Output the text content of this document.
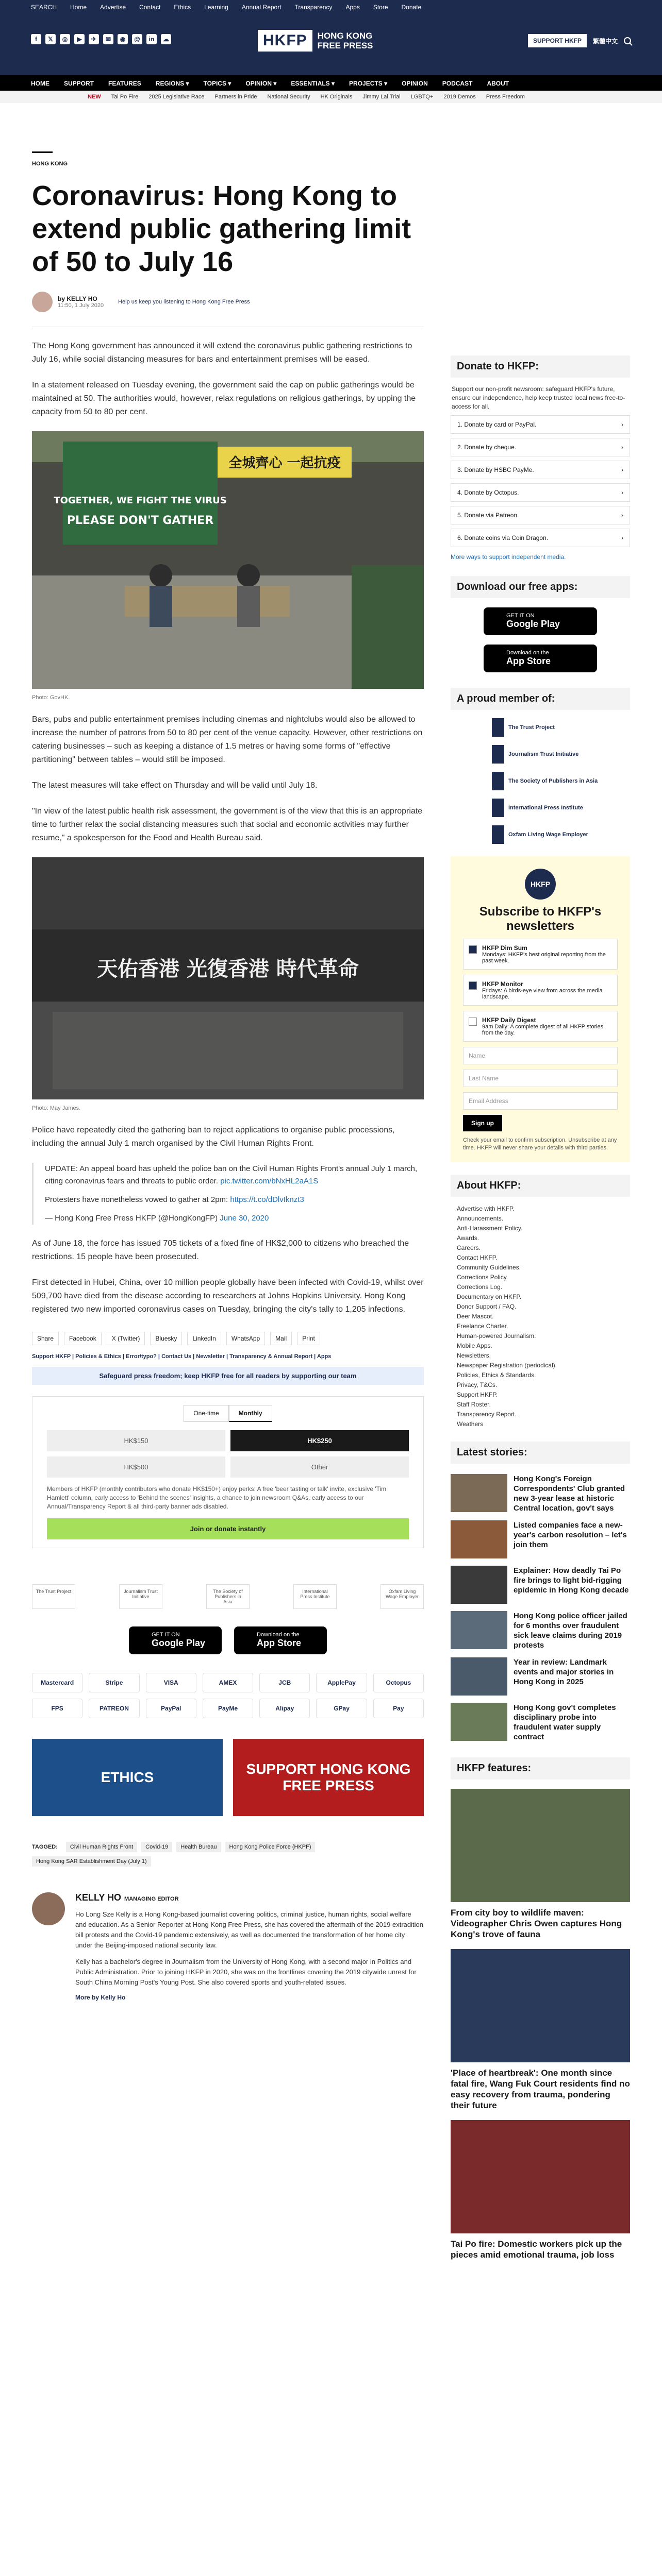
SEARCH Home Advertise Contact Ethics Learning Annual Report Transparency Apps Store Donate
f	𝕏	◎	▶	✈	✉	◉	@	in	☁	HKFP	HONG KONG
FREE PRESS	SUPPORT HKFP	繁體中文
HOME SUPPORT FEATURES REGIONS ▾ TOPICS ▾ OPINION ▾ ESSENTIALS ▾ PROJECTS ▾ OPINION PODCAST ABOUT
NEW Tai Po Fire 2025 Legislative Race Partners in Pride National Security HK Originals Jimmy Lai Trial LGBTQ+ 2019 Demos Press Freedom
HONG KONG
Coronavirus: Hong Kong to extend public gathering limit of 50 to July 16
by KELLY HO
11:50, 1 July 2020
Help us keep you listening to Hong Kong Free Press

The Hong Kong government has announced it will extend the coronavirus public gathering restrictions to July 16, while social distancing measures for bars and entertainment premises will be eased.

In a statement released on Tuesday evening, the government said the cap on public gatherings would be maintained at 50. The authorities would, however, relax regulations on religious gatherings, by upping the capacity from 50 to 80 per cent.

全城齊心 一起抗疫
TOGETHER, WE FIGHT THE VIRUS
PLEASE DON'T GATHER
Photo: GovHK.

Bars, pubs and public entertainment premises including cinemas and nightclubs would also be allowed to increase the number of patrons from 50 to 80 per cent of the venue capacity. However, other restrictions on catering businesses – such as keeping a distance of 1.5 metres or having some forms of "effective partitioning" between tables – would still be imposed.

The latest measures will take effect on Thursday and will be valid until July 18.

"In view of the latest public health risk assessment, the government is of the view that this is an appropriate time to further relax the social distancing measures such that social and economic activities may further resume," a spokesperson for the Food and Health Bureau said.

天佑香港 光復香港 時代革命
Photo: May James.

Police have repeatedly cited the gathering ban to reject applications to organise public processions, including the annual July 1 march organised by the Civil Human Rights Front.

UPDATE: An appeal board has upheld the police ban on the Civil Human Rights Front's annual July 1 march, citing coronavirus fears and threats to public order. pic.twitter.com/bNxHL2aA1S

Protesters have nonetheless vowed to gather at 2pm: https://t.co/dDlvIknzt3

— Hong Kong Free Press HKFP (@HongKongFP) June 30, 2020

As of June 18, the force has issued 705 tickets of a fixed fine of HK$2,000 to citizens who breached the restrictions. 15 people have been prosecuted.

First detected in Hubei, China, over 10 million people globally have been infected with Covid-19, whilst over 509,700 have died from the disease according to researchers at Johns Hopkins University. Hong Kong registered two new imported coronavirus cases on Tuesday, bringing the city's tally to 1,205 infections.

Share	Facebook	X (Twitter)	Bluesky	LinkedIn	WhatsApp	Mail	Print
Support HKFP | Policies & Ethics | Error/typo? | Contact Us | Newsletter | Transparency & Annual Report | Apps
Safeguard press freedom; keep HKFP free for all readers by supporting our team
One-time	Monthly
HK$150	HK$250
HK$500	Other
Members of HKFP (monthly contributors who donate HK$150+) enjoy perks: A free 'beer tasting or talk' invite, exclusive 'Tim Hamlett' column, early access to 'Behind the scenes' insights, a chance to join newsroom Q&As, early access to our Annual/Transparency Report & all third-party banner ads disabled.
Join or donate instantly
The Trust Project	Journalism Trust Initiative
The Society of Publishers in Asia
International Press Institute
Oxfam Living Wage Employer
GET IT ON
Google Play
Download on the
App Store
Mastercard	Stripe	VISA	AMEX	JCB	ApplePay	Octopus
FPS	PATREON	PayPal	PayMe	Alipay	GPay	Pay
ETHICS
SUPPORT HONG KONG FREE PRESS
TAGGED:	Civil Human Rights Front	Covid-19	Health Bureau	Hong Kong Police Force (HKPF)
Hong Kong SAR Establishment Day (July 1)
KELLY HO MANAGING EDITOR

Ho Long Sze Kelly is a Hong Kong-based journalist covering politics, criminal justice, human rights, social welfare and education. As a Senior Reporter at Hong Kong Free Press, she has covered the aftermath of the 2019 extradition bill protests and the Covid-19 pandemic extensively, as well as documented the transformation of her home city under the Beijing-imposed national security law.

Kelly has a bachelor's degree in Journalism from the University of Hong Kong, with a second major in Politics and Public Administration. Prior to joining HKFP in 2020, she was on the frontlines covering the 2019 citywide unrest for South China Morning Post's Young Post. She also covered sports and youth-related issues.

More by Kelly Ho
Donate to HKFP:
Support our non-profit newsroom: safeguard HKFP's future, ensure our independence, help keep trusted local news free-to-access for all.
1. Donate by card or PayPal.	›
2. Donate by cheque.	›
3. Donate by HSBC PayMe.	›
4. Donate by Octopus.	›
5. Donate via Patreon.	›
6. Donate coins via Coin Dragon.	›
More ways to support independent media.
Download our free apps:
GET IT ON
Google Play
Download on the
App Store
A proud member of:
The Trust Project
Journalism Trust Initiative
The Society of Publishers in Asia
International Press Institute
Oxfam Living Wage Employer
HKFP
Subscribe to HKFP's newsletters
HKFP Dim Sum
Mondays: HKFP's best original reporting from the past week.
HKFP Monitor
Fridays: A birds-eye view from across the media landscape.
HKFP Daily Digest
9am Daily: A complete digest of all HKFP stories from the day.
Name
Last Name
Email Address
Sign up
Check your email to confirm subscription. Unsubscribe at any time. HKFP will never share your details with third parties.
About HKFP:
Advertise with HKFP.
Announcements.
Anti-Harassment Policy.
Awards.
Careers.
Contact HKFP.
Community Guidelines.
Corrections Policy.
Corrections Log.
Documentary on HKFP.
Donor Support / FAQ.
Deer Mascot.
Freelance Charter.
Human-powered Journalism.
Mobile Apps.
Newsletters.
Newspaper Registration (periodical).
Policies, Ethics & Standards.
Privacy, T&Cs.
Support HKFP.
Staff Roster.
Transparency Report.
Weathers
Latest stories:
Hong Kong's Foreign Correspondents' Club granted new 3-year lease at historic Central location, gov't says
Listed companies face a new-year's carbon resolution – let's join them
Explainer: How deadly Tai Po fire brings to light bid-rigging epidemic in Hong Kong decade
Hong Kong police officer jailed for 6 months over fraudulent sick leave claims during 2019 protests
Year in review: Landmark events and major stories in Hong Kong in 2025
Hong Kong gov't completes disciplinary probe into fraudulent water supply contract
HKFP features:
From city boy to wildlife maven: Videographer Chris Owen captures Hong Kong's trove of fauna
'Place of heartbreak': One month since fatal fire, Wang Fuk Court residents find no easy recovery from trauma, pondering their future
Tai Po fire: Domestic workers pick up the pieces amid emotional trauma, job loss
